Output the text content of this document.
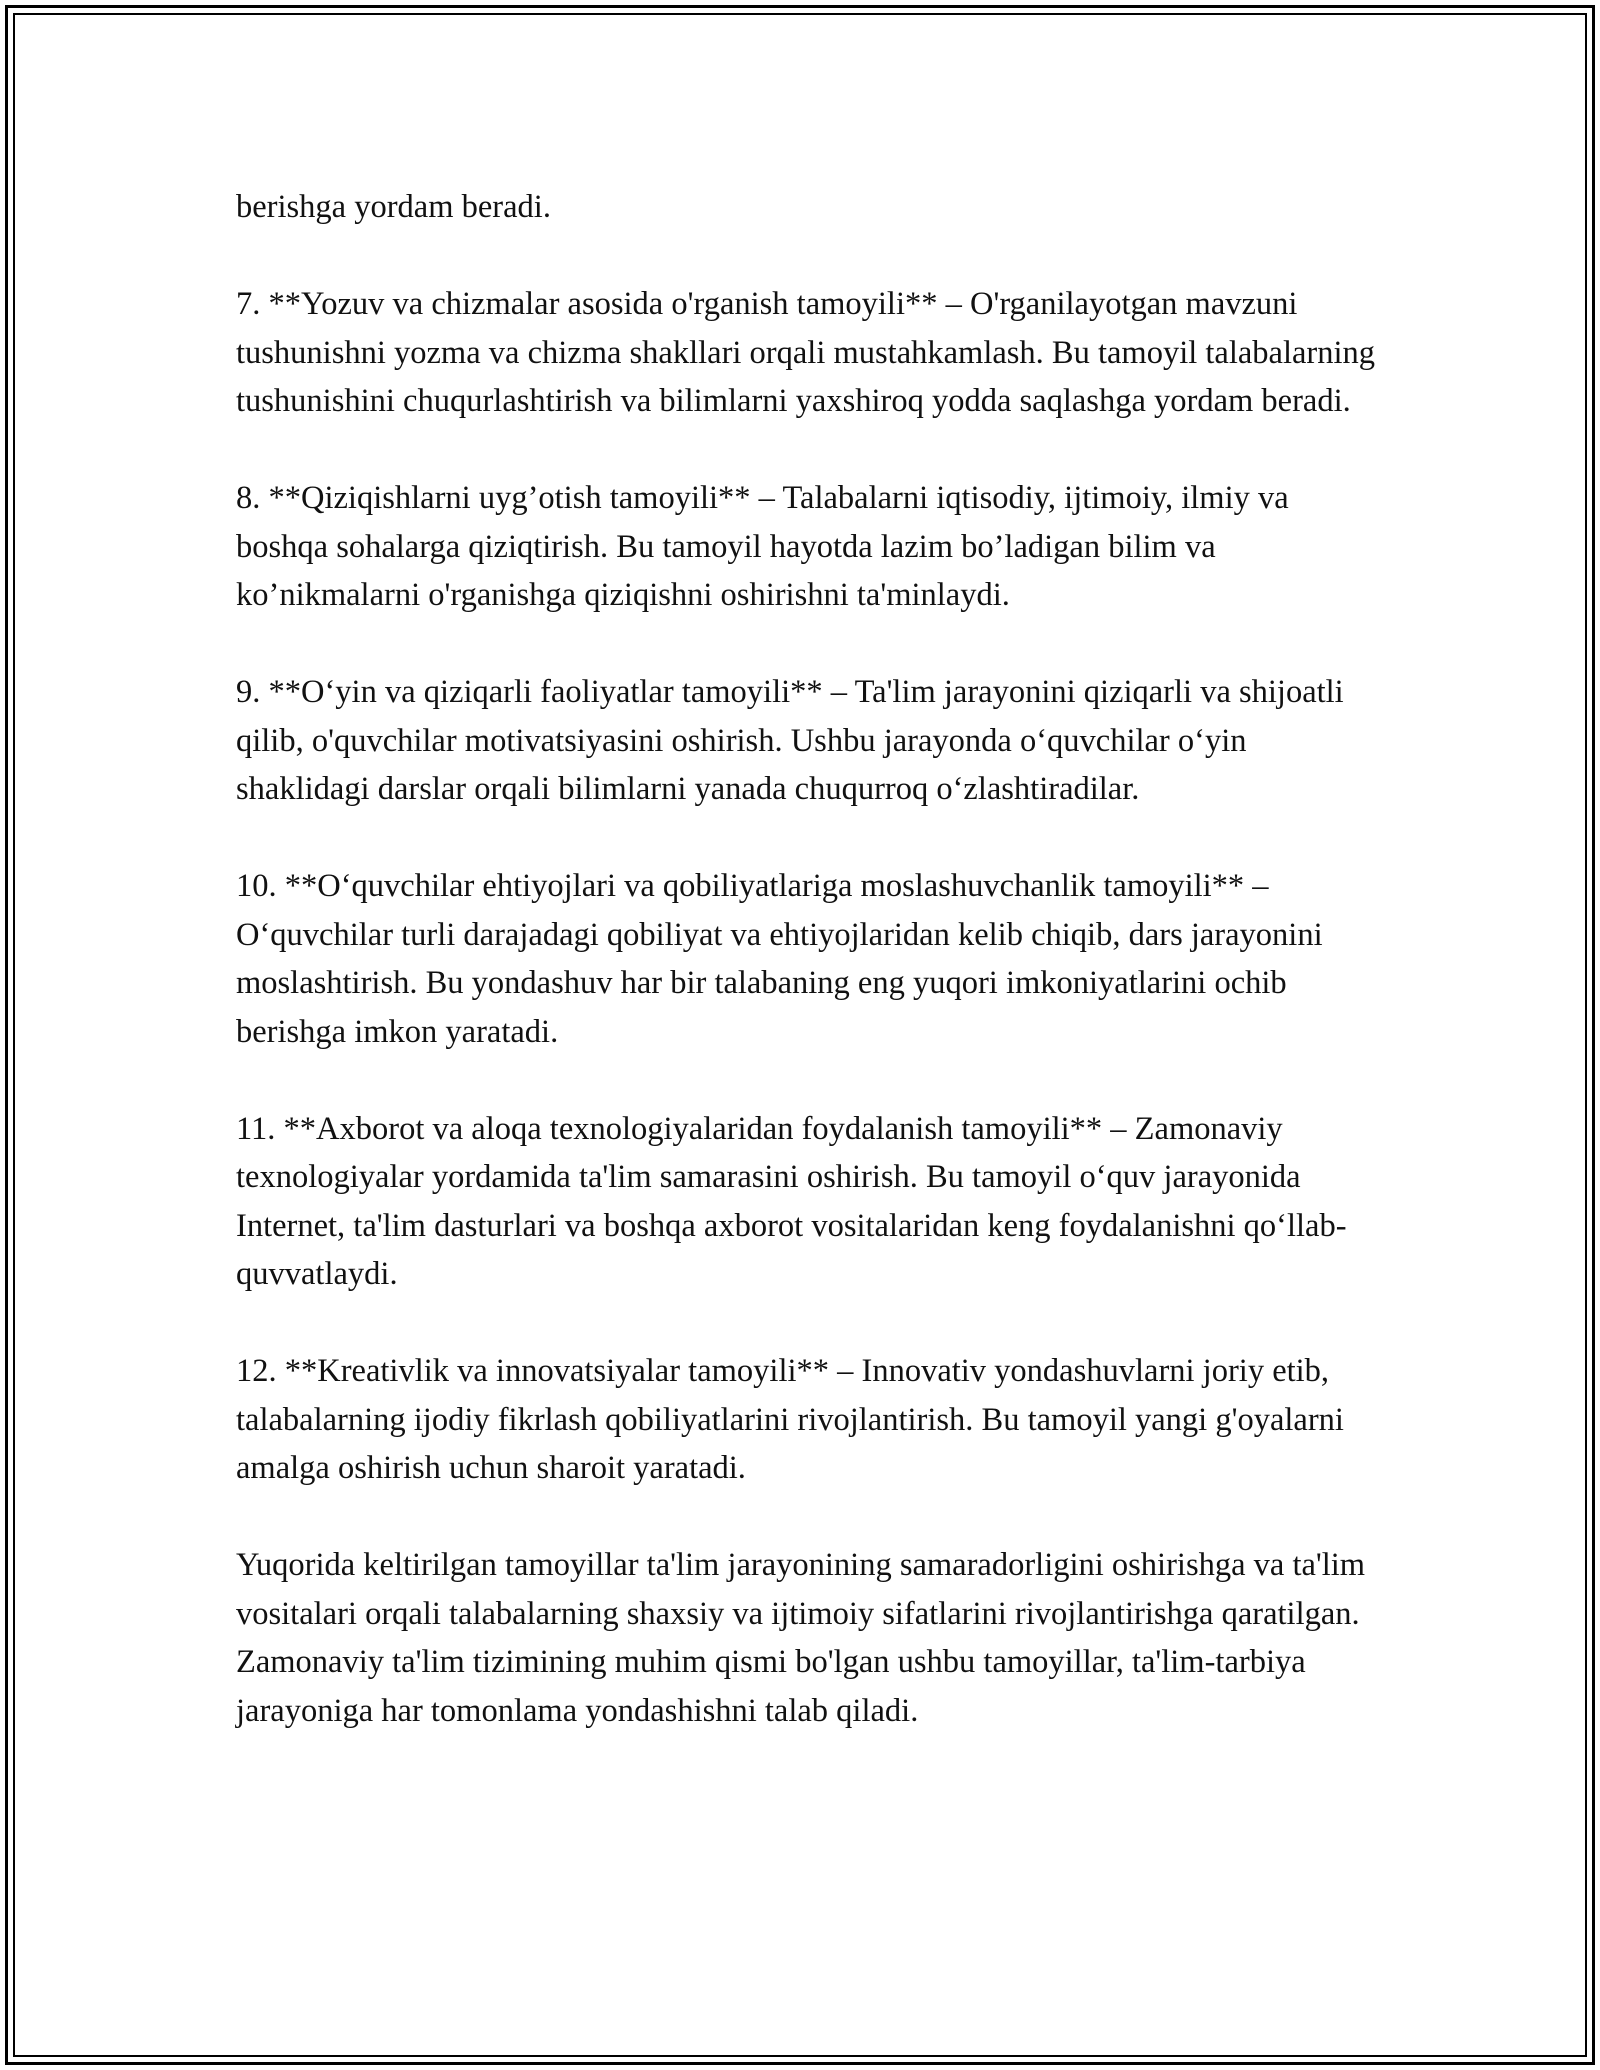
berishga yordam beradi.

7. **Yozuv va chizmalar asosida o'rganish tamoyili** – O'rganilayotgan mavzuni tushunishni yozma va chizma shakllari orqali mustahkamlash. Bu tamoyil talabalarning tushunishini chuqurlashtirish va bilimlarni yaxshiroq yodda saqlashga yordam beradi.

8. **Qiziqishlarni uyg’otish tamoyili** – Talabalarni iqtisodiy, ijtimoiy, ilmiy va boshqa sohalarga qiziqtirish. Bu tamoyil hayotda lazim bo’ladigan bilim va ko’nikmalarni o'rganishga qiziqishni oshirishni ta'minlaydi.

9. **O‘yin va qiziqarli faoliyatlar tamoyili** – Ta'lim jarayonini qiziqarli va shijoatli qilib, o'quvchilar motivatsiyasini oshirish. Ushbu jarayonda o‘quvchilar o‘yin shaklidagi darslar orqali bilimlarni yanada chuqurroq o‘zlashtiradilar.

10. **O‘quvchilar ehtiyojlari va qobiliyatlariga moslashuvchanlik tamoyili** – O‘quvchilar turli darajadagi qobiliyat va ehtiyojlaridan kelib chiqib, dars jarayonini moslashtirish. Bu yondashuv har bir talabaning eng yuqori imkoniyatlarini ochib berishga imkon yaratadi.

11. **Axborot va aloqa texnologiyalaridan foydalanish tamoyili** – Zamonaviy texnologiyalar yordamida ta'lim samarasini oshirish. Bu tamoyil o‘quv jarayonida Internet, ta'lim dasturlari va boshqa axborot vositalaridan keng foydalanishni qo‘llab-quvvatlaydi.

12. **Kreativlik va innovatsiyalar tamoyili** – Innovativ yondashuvlarni joriy etib, talabalarning ijodiy fikrlash qobiliyatlarini rivojlantirish. Bu tamoyil yangi g'oyalarni amalga oshirish uchun sharoit yaratadi.

Yuqorida keltirilgan tamoyillar ta'lim jarayonining samaradorligini oshirishga va ta'lim vositalari orqali talabalarning shaxsiy va ijtimoiy sifatlarini rivojlantirishga qaratilgan. Zamonaviy ta'lim tizimining muhim qismi bo'lgan ushbu tamoyillar, ta'lim-tarbiya jarayoniga har tomonlama yondashishni talab qiladi.
